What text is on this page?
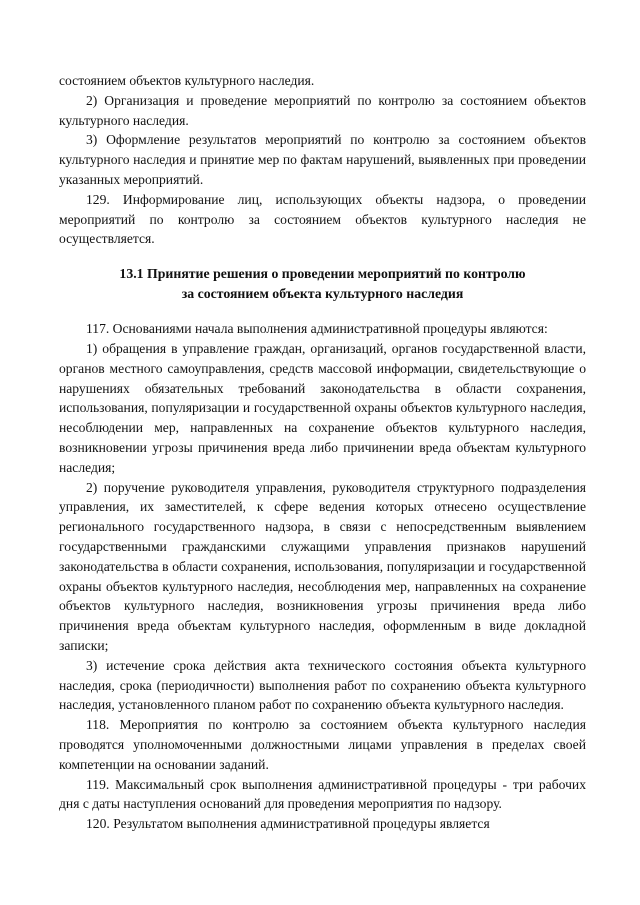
состоянием объектов культурного наследия.

2) Организация и проведение мероприятий по контролю за состоянием объектов культурного наследия.

3) Оформление результатов мероприятий по контролю за состоянием объектов культурного наследия и принятие мер по фактам нарушений, выявленных при проведении указанных мероприятий.

129. Информирование лиц, использующих объекты надзора, о проведении мероприятий по контролю за состоянием объектов культурного наследия не осуществляется.

13.1 Принятие решения о проведении мероприятий по контролю
за состоянием объекта культурного наследия

117. Основаниями начала выполнения административной процедуры являются:

1) обращения в управление граждан, организаций, органов государственной власти, органов местного самоуправления, средств массовой информации, свидетельствующие о нарушениях обязательных требований законодательства в области сохранения, использования, популяризации и государственной охраны объектов культурного наследия, несоблюдении мер, направленных на сохранение объектов культурного наследия, возникновении угрозы причинения вреда либо причинении вреда объектам культурного наследия;

2) поручение руководителя управления, руководителя структурного подразделения управления, их заместителей, к сфере ведения которых отнесено осуществление регионального государственного надзора, в связи с непосредственным выявлением государственными гражданскими служащими управления признаков нарушений законодательства в области сохранения, использования, популяризации и государственной охраны объектов культурного наследия, несоблюдения мер, направленных на сохранение объектов культурного наследия, возникновения угрозы причинения вреда либо причинения вреда объектам культурного наследия, оформленным в виде докладной записки;

3) истечение срока действия акта технического состояния объекта культурного наследия, срока (периодичности) выполнения работ по сохранению объекта культурного наследия, установленного планом работ по сохранению объекта культурного наследия.

118. Мероприятия по контролю за состоянием объекта культурного наследия проводятся уполномоченными должностными лицами управления в пределах своей компетенции на основании заданий.

119. Максимальный срок выполнения административной процедуры - три рабочих дня с даты наступления оснований для проведения мероприятия по надзору.

120. Результатом выполнения административной процедуры является
